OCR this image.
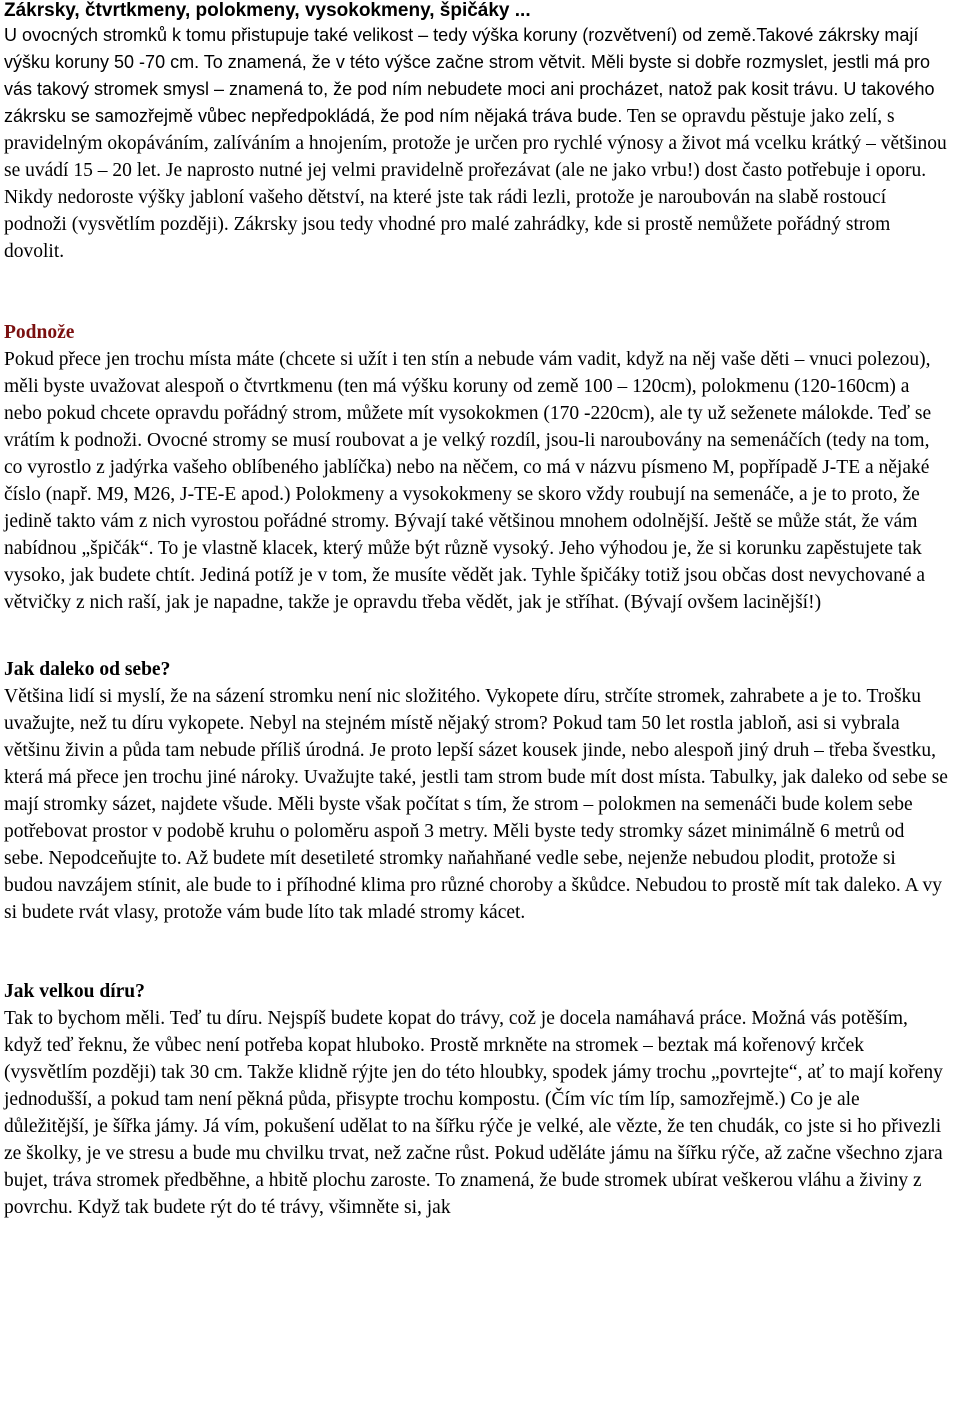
Zákrsky, čtvrtkmeny, polokmeny, vysokokmeny, špičáky ...

U ovocných stromků k tomu přistupuje také velikost – tedy výška koruny (rozvětvení) od země.Takové zákrsky mají výšku koruny 50 -70 cm. To znamená, že v této výšce začne strom větvit. Měli byste si dobře rozmyslet, jestli má pro vás takový stromek smysl – znamená to, že pod ním nebudete moci ani procházet, natož pak kosit trávu. U takového zákrsku se samozřejmě vůbec nepředpokládá, že pod ním nějaká tráva bude. Ten se opravdu pěstuje jako zelí, s pravidelným okopáváním, zalíváním a hnojením, protože je určen pro rychlé výnosy a život má vcelku krátký – většinou se uvádí 15 – 20 let. Je naprosto nutné jej velmi pravidelně prořezávat (ale ne jako vrbu!) dost často potřebuje i oporu. Nikdy nedoroste výšky jabloní vašeho dětství, na které jste tak rádi lezli, protože je naroubován na slabě rostoucí podnoži (vysvětlím později). Zákrsky jsou tedy vhodné pro malé zahrádky, kde si prostě nemůžete pořádný strom dovolit.

Podnože

Pokud přece jen trochu místa máte (chcete si užít i ten stín a nebude vám vadit, když na něj vaše děti – vnuci polezou), měli byste uvažovat alespoň o čtvrtkmenu (ten má výšku koruny od země 100 – 120cm), polokmenu (120-160cm) a nebo pokud chcete opravdu pořádný strom, můžete mít vysokokmen (170 -220cm), ale ty už seženete málokde. Teď se vrátím k podnoži. Ovocné stromy se musí roubovat a je velký rozdíl, jsou-li naroubovány na semenáčích (tedy na tom, co vyrostlo z jadýrka vašeho oblíbeného jablíčka) nebo na něčem, co má v názvu písmeno M, popřípadě J-TE a nějaké číslo (např. M9, M26, J-TE-E apod.) Polokmeny a vysokokmeny se skoro vždy roubují na semenáče, a je to proto, že jedině takto vám z nich vyrostou pořádné stromy. Bývají také většinou mnohem odolnější. Ještě se může stát, že vám nabídnou „špičák“. To je vlastně klacek, který může být různě vysoký. Jeho výhodou je, že si korunku zapěstujete tak vysoko, jak budete chtít. Jediná potíž je v tom, že musíte vědět jak. Tyhle špičáky totiž jsou občas dost nevychované a větvičky z nich raší, jak je napadne, takže je opravdu třeba vědět, jak je stříhat. (Bývají ovšem lacinější!)

Jak daleko od sebe?

Většina lidí si myslí, že na sázení stromku není nic složitého. Vykopete díru, strčíte stromek, zahrabete a je to. Trošku uvažujte, než tu díru vykopete. Nebyl na stejném místě nějaký strom? Pokud tam 50 let rostla jabloň, asi si vybrala většinu živin a půda tam nebude příliš úrodná. Je proto lepší sázet kousek jinde, nebo alespoň jiný druh – třeba švestku, která má přece jen trochu jiné nároky. Uvažujte také, jestli tam strom bude mít dost místa. Tabulky, jak daleko od sebe se mají stromky sázet, najdete všude. Měli byste však počítat s tím, že strom – polokmen na semenáči bude kolem sebe potřebovat prostor v podobě kruhu o poloměru aspoň 3 metry. Měli byste tedy stromky sázet minimálně 6 metrů od sebe. Nepodceňujte to. Až budete mít desetileté stromky naňahňané vedle sebe, nejenže nebudou plodit, protože si budou navzájem stínit, ale bude to i příhodné klima pro různé choroby a škůdce. Nebudou to prostě mít tak daleko. A vy si budete rvát vlasy, protože vám bude líto tak mladé stromy kácet.

Jak velkou díru?

Tak to bychom měli. Teď tu díru. Nejspíš budete kopat do trávy, což je docela namáhavá práce. Možná vás potěším, když teď řeknu, že vůbec není potřeba kopat hluboko. Prostě mrkněte na stromek – beztak má kořenový krček (vysvětlím později) tak 30 cm. Takže klidně rýjte jen do této hloubky, spodek jámy trochu „povrtejte“, ať to mají kořeny jednodušší, a pokud tam není pěkná půda, přisypte trochu kompostu. (Čím víc tím líp, samozřejmě.) Co je ale důležitější, je šířka jámy. Já vím, pokušení udělat to na šířku rýče je velké, ale vězte, že ten chudák, co jste si ho přivezli ze školky, je ve stresu a bude mu chvilku trvat, než začne růst. Pokud uděláte jámu na šířku rýče, až začne všechno zjara bujet, tráva stromek předběhne, a hbitě plochu zaroste. To znamená, že bude stromek ubírat veškerou vláhu a živiny z povrchu. Když tak budete rýt do té trávy, všimněte si, jak
